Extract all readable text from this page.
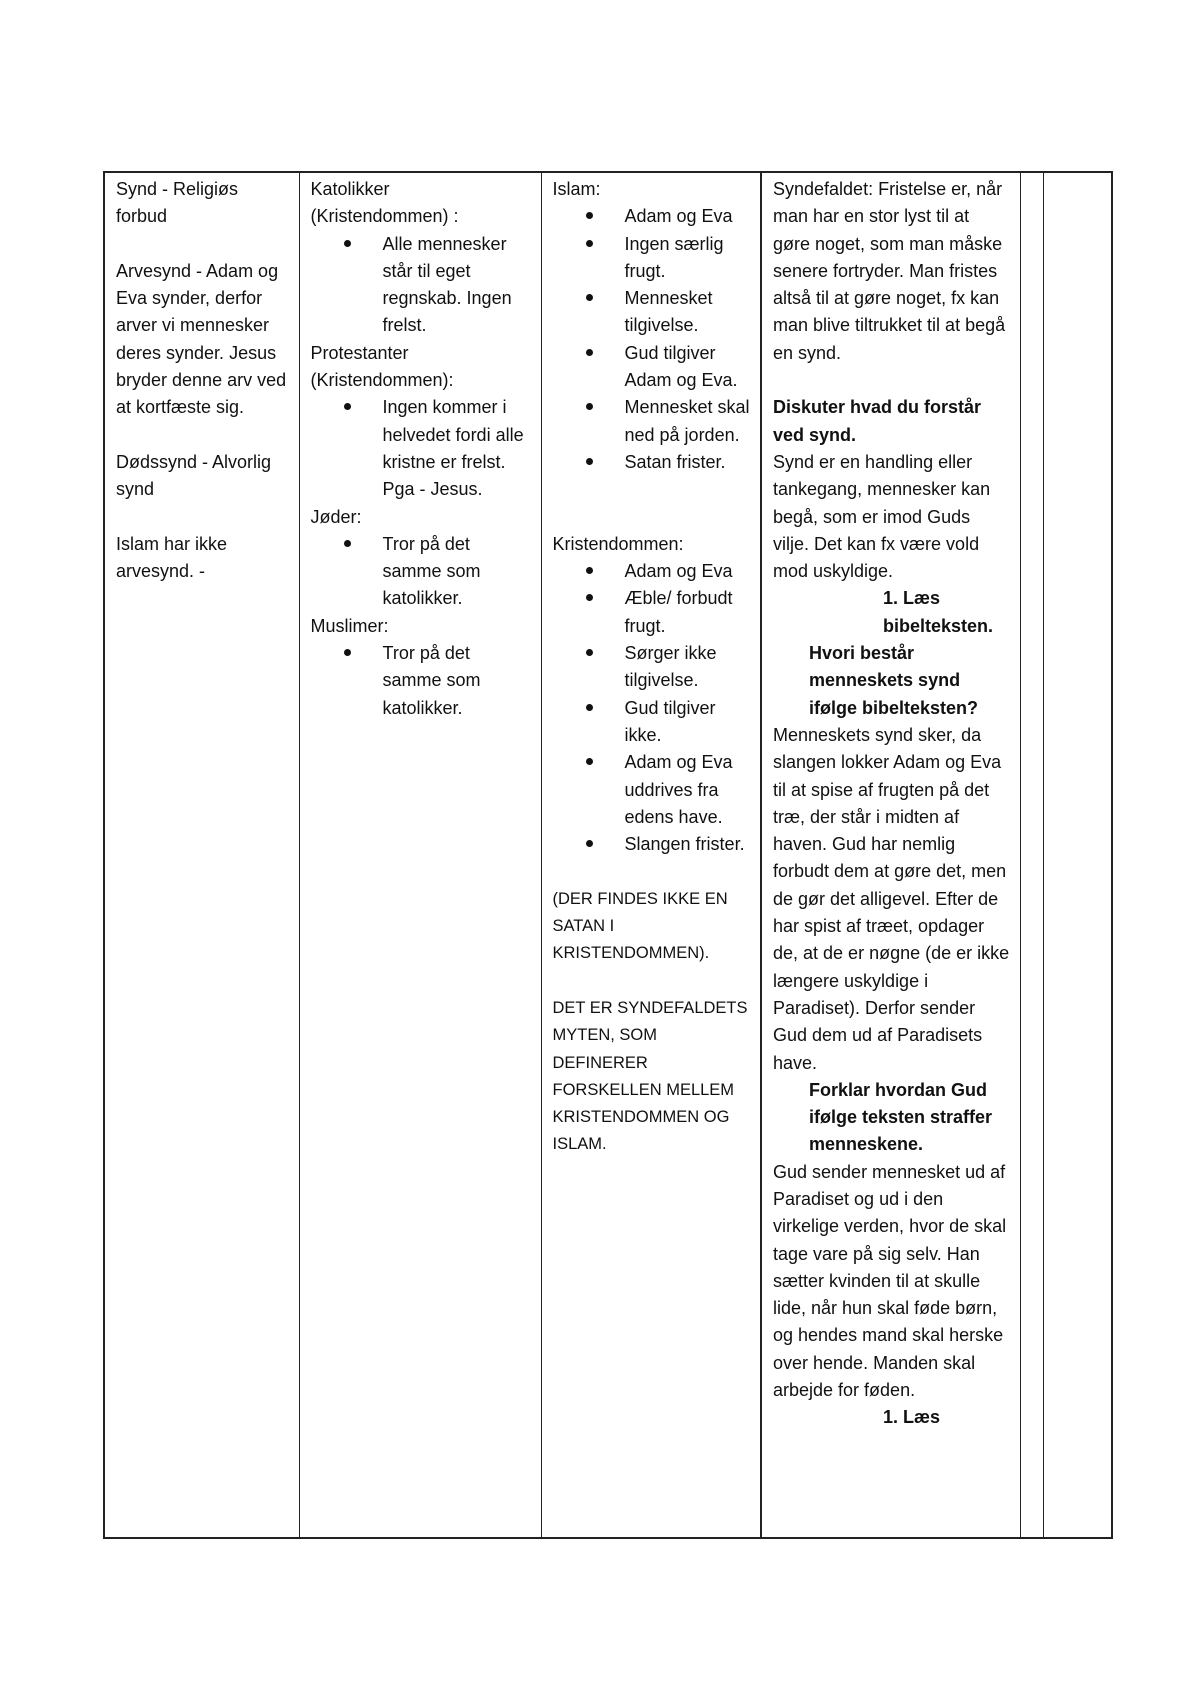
Synd - Religiøs forbud
Arvesynd - Adam og Eva synder, derfor arver vi mennesker deres synder. Jesus bryder denne arv ved at kortfæste sig.
Dødssynd - Alvorlig synd
Islam har ikke arvesynd. -

Katolikker (Kristendommen) :
Alle mennesker står til eget regnskab. Ingen frelst.
Protestanter (Kristendommen):
Ingen kommer i helvedet fordi alle kristne er frelst. Pga - Jesus.
Jøder:
Tror på det samme som katolikker.
Muslimer:
Tror på det samme som katolikker.

Islam:
Adam og Eva
Ingen særlig frugt.
Mennesket tilgivelse.
Gud tilgiver Adam og Eva.
Mennesket skal ned på jorden.
Satan frister.
Kristendommen:
Adam og Eva
Æble/ forbudt frugt.
Sørger ikke tilgivelse.
Gud tilgiver ikke.
Adam og Eva uddrives fra edens have.
Slangen frister.
(DER FINDES IKKE EN SATAN I KRISTENDOMMEN).
DET ER SYNDEFALDETS MYTEN, SOM DEFINERER FORSKELLEN MELLEM KRISTENDOMMEN OG ISLAM.

Syndefaldet: Fristelse er, når man har en stor lyst til at gøre noget, som man måske senere fortryder. Man fristes altså til at gøre noget, fx kan man blive tiltrukket til at begå en synd.
Diskuter hvad du forstår ved synd.
Synd er en handling eller tankegang, mennesker kan begå, som er imod Guds vilje. Det kan fx være vold mod uskyldige.
1. Læs bibelteksten.
Hvori består menneskets synd ifølge bibelteksten?
Menneskets synd sker, da slangen lokker Adam og Eva til at spise af frugten på det træ, der står i midten af haven. Gud har nemlig forbudt dem at gøre det, men de gør det alligevel. Efter de har spist af træet, opdager de, at de er nøgne (de er ikke længere uskyldige i Paradiset). Derfor sender Gud dem ud af Paradisets have.
Forklar hvordan Gud ifølge teksten straffer menneskene.
Gud sender mennesket ud af Paradiset og ud i den virkelige verden, hvor de skal tage vare på sig selv. Han sætter kvinden til at skulle lide, når hun skal føde børn, og hendes mand skal herske over hende. Manden skal arbejde for føden.
1. Læs
